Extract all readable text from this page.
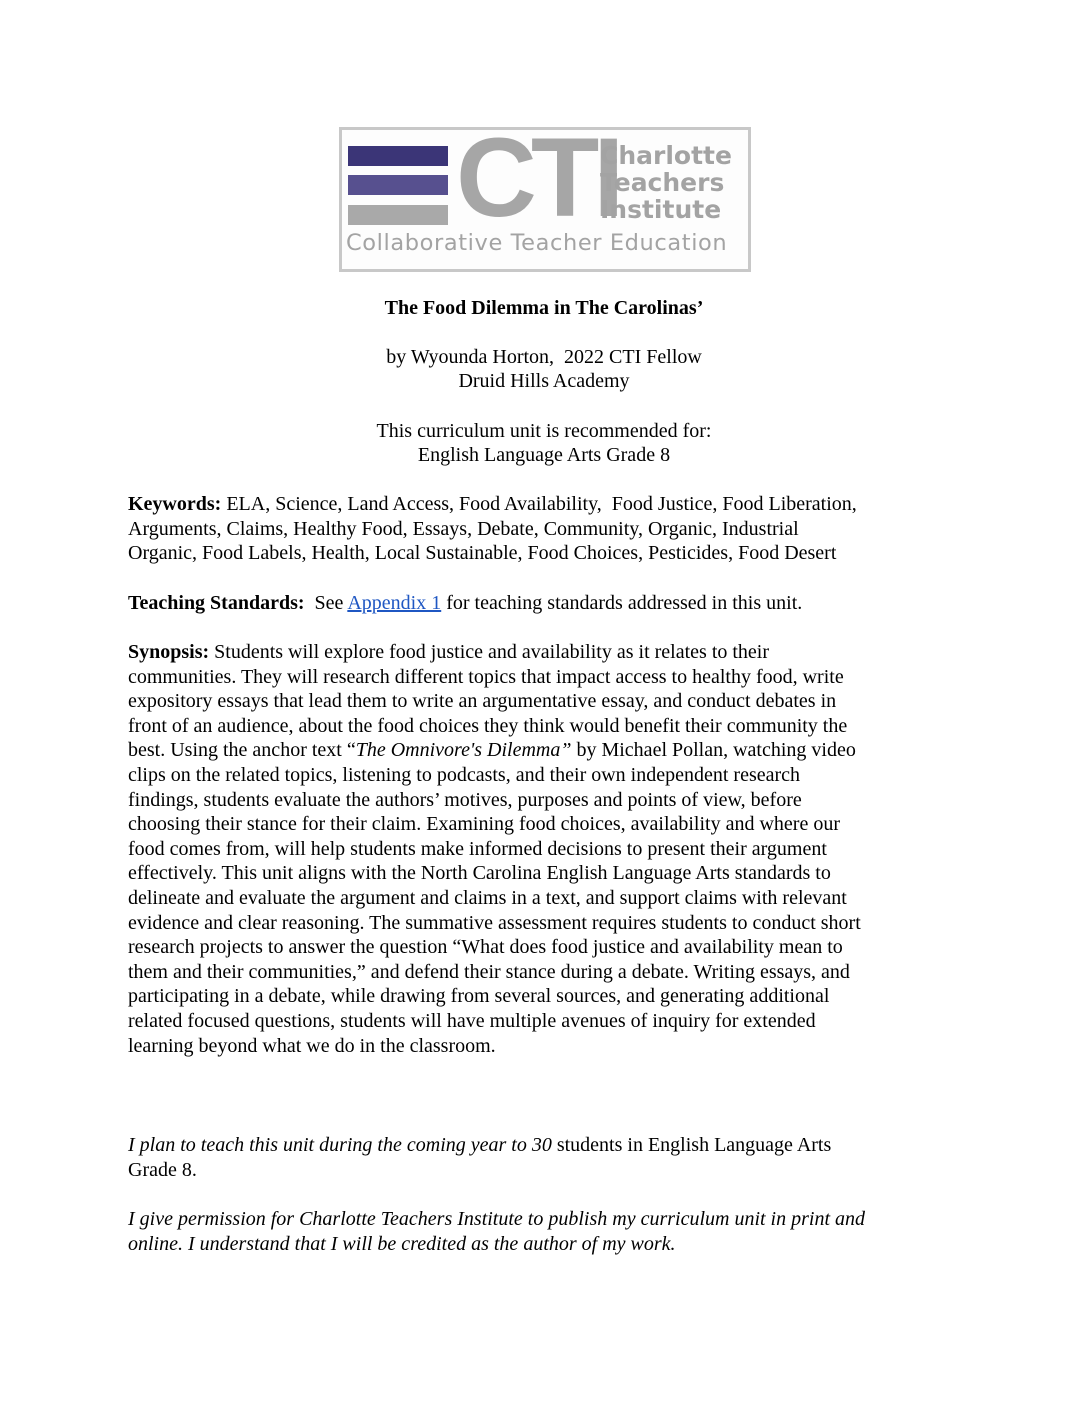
CTI
Charlotte
Teachers
Institute
Collaborative Teacher Education
The Food Dilemma in The Carolinas’
by Wyounda Horton,  2022 CTI Fellow
Druid Hills Academy
This curriculum unit is recommended for:
English Language Arts Grade 8
Keywords: ELA, Science, Land Access, Food Availability,  Food Justice, Food Liberation,
Arguments, Claims, Healthy Food, Essays, Debate, Community, Organic, Industrial
Organic, Food Labels, Health, Local Sustainable, Food Choices, Pesticides, Food Desert
Teaching Standards:  See Appendix 1 for teaching standards addressed in this unit.
Synopsis: Students will explore food justice and availability as it relates to their
communities. They will research different topics that impact access to healthy food, write
expository essays that lead them to write an argumentative essay, and conduct debates in
front of an audience, about the food choices they think would benefit their community the
best. Using the anchor text “The Omnivore's Dilemma” by Michael Pollan, watching video
clips on the related topics, listening to podcasts, and their own independent research
findings, students evaluate the authors’ motives, purposes and points of view, before
choosing their stance for their claim. Examining food choices, availability and where our
food comes from, will help students make informed decisions to present their argument
effectively. This unit aligns with the North Carolina English Language Arts standards to
delineate and evaluate the argument and claims in a text, and support claims with relevant
evidence and clear reasoning. The summative assessment requires students to conduct short
research projects to answer the question “What does food justice and availability mean to
them and their communities,” and defend their stance during a debate. Writing essays, and
participating in a debate, while drawing from several sources, and generating additional
related focused questions, students will have multiple avenues of inquiry for extended
learning beyond what we do in the classroom.
I plan to teach this unit during the coming year to 30 students in English Language Arts
Grade 8.
I give permission for Charlotte Teachers Institute to publish my curriculum unit in print and
online. I understand that I will be credited as the author of my work.
